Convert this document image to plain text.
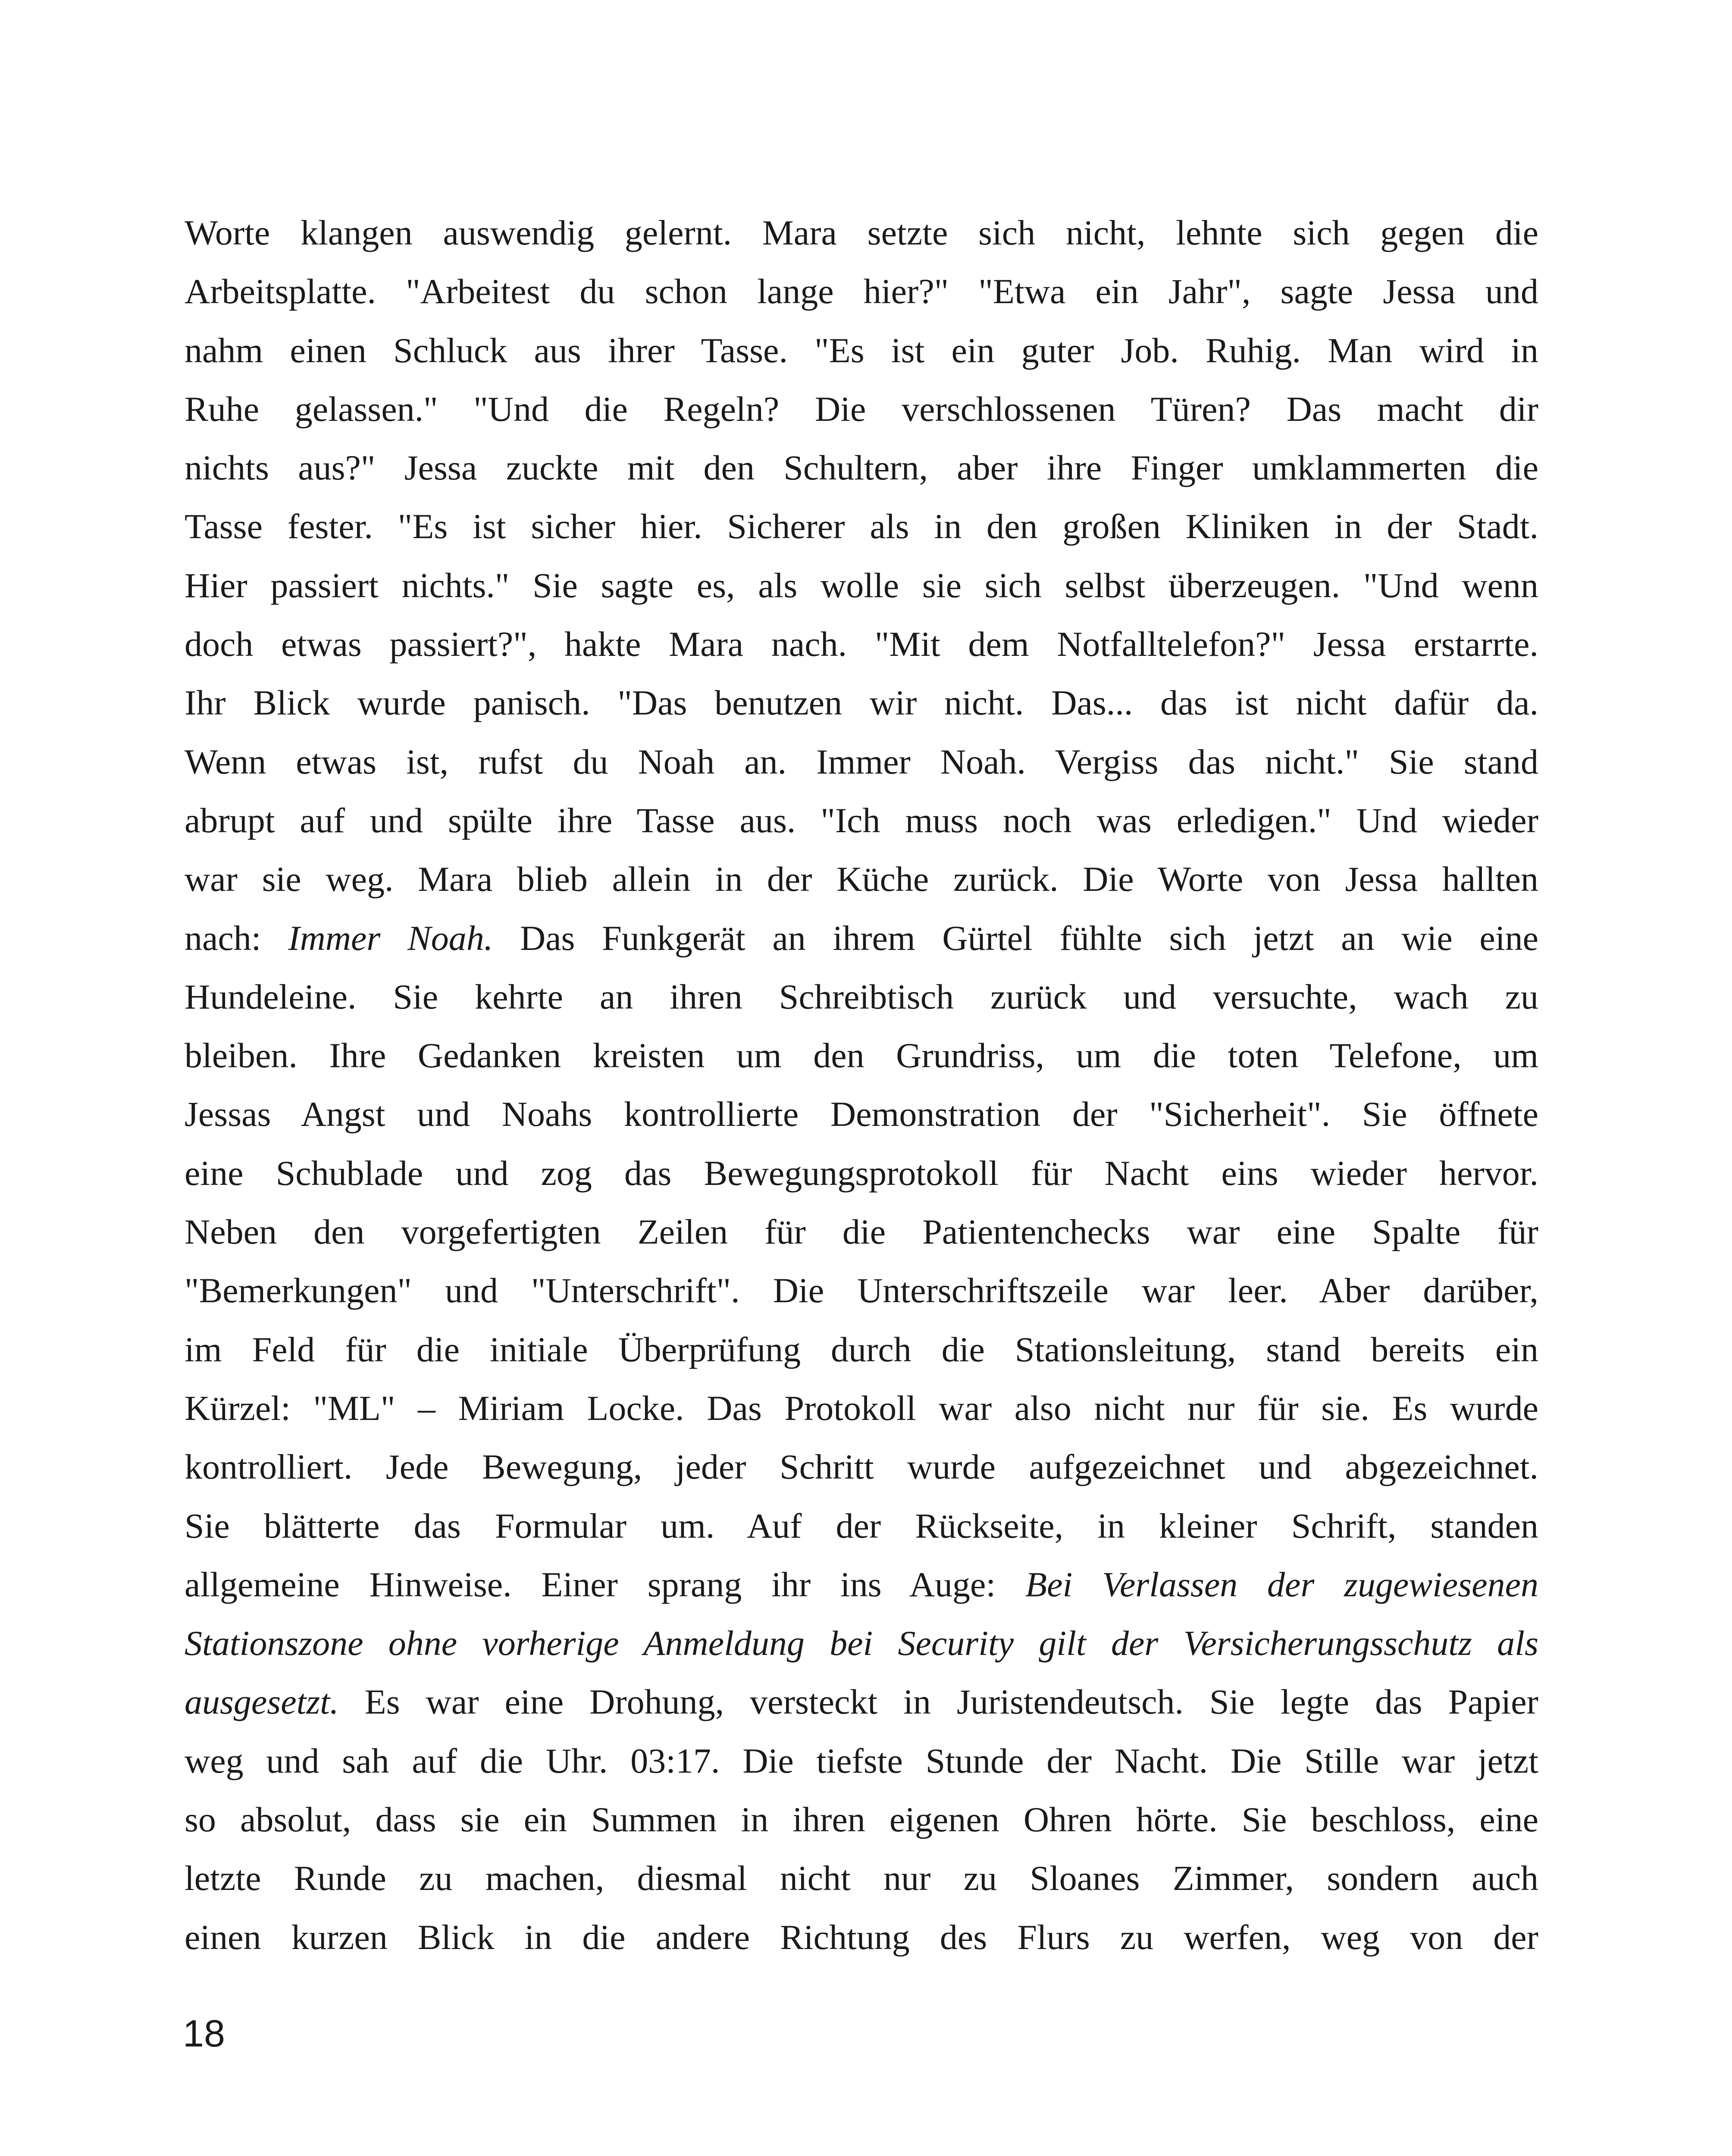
Worte klangen auswendig gelernt. Mara setzte sich nicht, lehnte sich gegen die
Arbeitsplatte. "Arbeitest du schon lange hier?" "Etwa ein Jahr", sagte Jessa und
nahm einen Schluck aus ihrer Tasse. "Es ist ein guter Job. Ruhig. Man wird in
Ruhe gelassen." "Und die Regeln? Die verschlossenen Türen? Das macht dir
nichts aus?" Jessa zuckte mit den Schultern, aber ihre Finger umklammerten die
Tasse fester. "Es ist sicher hier. Sicherer als in den großen Kliniken in der Stadt.
Hier passiert nichts." Sie sagte es, als wolle sie sich selbst überzeugen. "Und wenn
doch etwas passiert?", hakte Mara nach. "Mit dem Notfalltelefon?" Jessa erstarrte.
Ihr Blick wurde panisch. "Das benutzen wir nicht. Das... das ist nicht dafür da.
Wenn etwas ist, rufst du Noah an. Immer Noah. Vergiss das nicht." Sie stand
abrupt auf und spülte ihre Tasse aus. "Ich muss noch was erledigen." Und wieder
war sie weg. Mara blieb allein in der Küche zurück. Die Worte von Jessa hallten
nach: Immer Noah. Das Funkgerät an ihrem Gürtel fühlte sich jetzt an wie eine
Hundeleine. Sie kehrte an ihren Schreibtisch zurück und versuchte, wach zu
bleiben. Ihre Gedanken kreisten um den Grundriss, um die toten Telefone, um
Jessas Angst und Noahs kontrollierte Demonstration der "Sicherheit". Sie öffnete
eine Schublade und zog das Bewegungsprotokoll für Nacht eins wieder hervor.
Neben den vorgefertigten Zeilen für die Patientenchecks war eine Spalte für
"Bemerkungen" und "Unterschrift". Die Unterschriftszeile war leer. Aber darüber,
im Feld für die initiale Überprüfung durch die Stationsleitung, stand bereits ein
Kürzel: "ML" – Miriam Locke. Das Protokoll war also nicht nur für sie. Es wurde
kontrolliert. Jede Bewegung, jeder Schritt wurde aufgezeichnet und abgezeichnet.
Sie blätterte das Formular um. Auf der Rückseite, in kleiner Schrift, standen
allgemeine Hinweise. Einer sprang ihr ins Auge: Bei Verlassen der zugewiesenen
Stationszone ohne vorherige Anmeldung bei Security gilt der Versicherungsschutz als
ausgesetzt. Es war eine Drohung, versteckt in Juristendeutsch. Sie legte das Papier
weg und sah auf die Uhr. 03:17. Die tiefste Stunde der Nacht. Die Stille war jetzt
so absolut, dass sie ein Summen in ihren eigenen Ohren hörte. Sie beschloss, eine
letzte Runde zu machen, diesmal nicht nur zu Sloanes Zimmer, sondern auch
einen kurzen Blick in die andere Richtung des Flurs zu werfen, weg von der
18
